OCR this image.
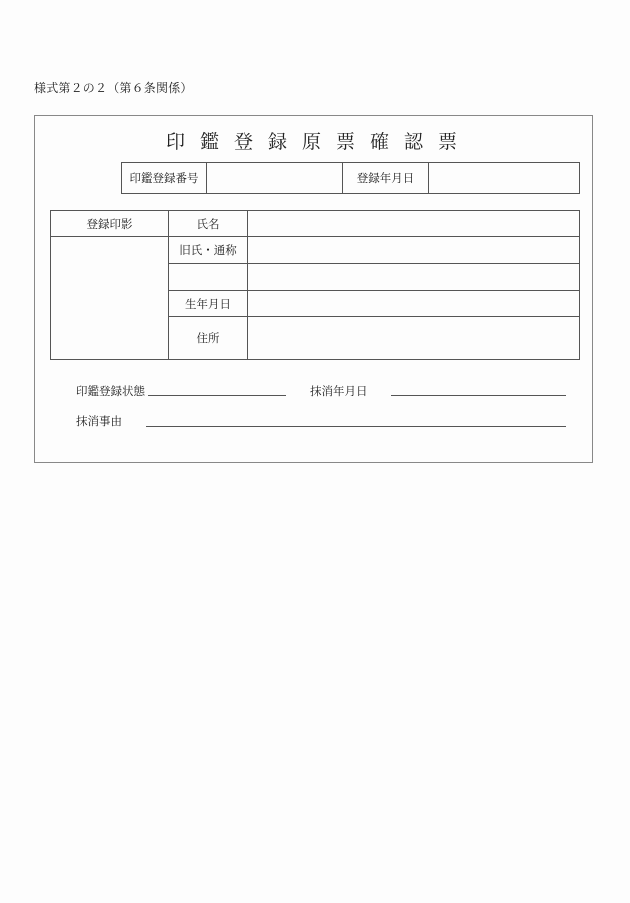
様式第２の２（第６条関係）
印鑑登録原票確認票
印鑑登録番号		登録年月日	
登録印影	氏名	
	旧氏・通称	

	生年月日	
	住所	
印鑑登録状態	抹消年月日
抹消事由
